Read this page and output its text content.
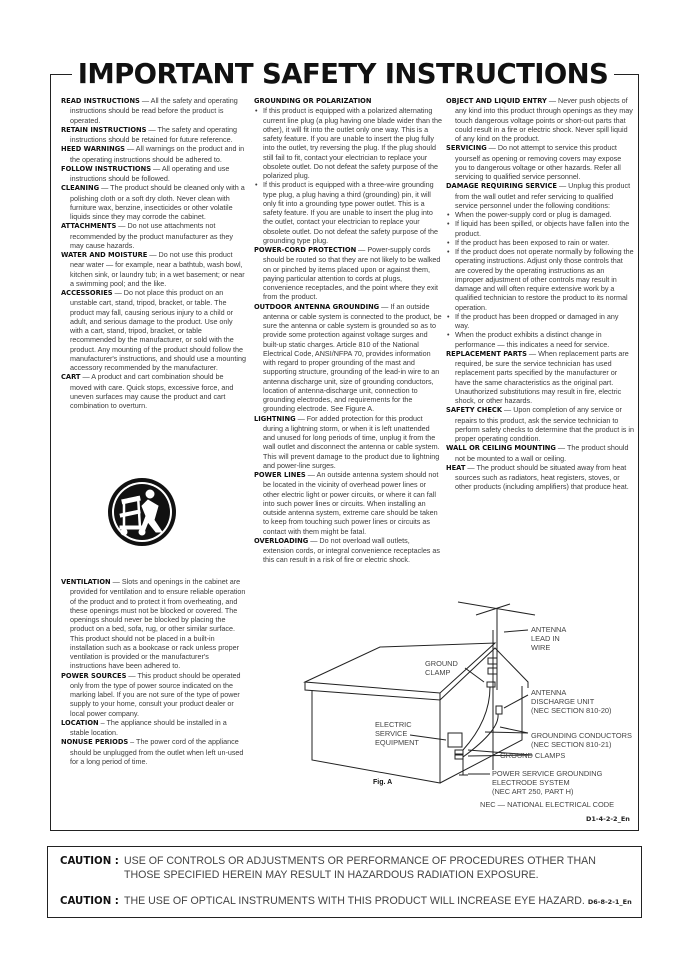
IMPORTANT SAFETY INSTRUCTIONS
READ INSTRUCTIONS — All the safety and operating instructions should be read before the product is operated.
RETAIN INSTRUCTIONS — The safety and operating instructions should be retained for future reference.
HEED WARNINGS — All warnings on the product and in the operating instructions should be adhered to.
FOLLOW INSTRUCTIONS — All operating and use instructions should be followed.
CLEANING — The product should be cleaned only with a polishing cloth or a soft dry cloth. Never clean with furniture wax, benzine, insecticides or other volatile liquids since they may corrode the cabinet.
ATTACHMENTS — Do not use attachments not recommended by the product manufacturer as they may cause hazards.
WATER AND MOISTURE — Do not use this product near water — for example, near a bathtub, wash bowl, kitchen sink, or laundry tub; in a wet basement; or near a swimming pool; and the like.
ACCESSORIES — Do not place this product on an unstable cart, stand, tripod, bracket, or table. The product may fall, causing serious injury to a child or adult, and serious damage to the product. Use only with a cart, stand, tripod, bracket, or table recommended by the manufacturer, or sold with the product. Any mounting of the product should follow the manufacturer's instructions, and should use a mounting accessory recommended by the manufacturer.
CART — A product and cart combination should be moved with care. Quick stops, excessive force, and uneven surfaces may cause the product and cart combination to overturn.
VENTILATION — Slots and openings in the cabinet are provided for ventilation and to ensure reliable operation of the product and to protect it from overheating, and these openings must not be blocked or covered. The openings should never be blocked by placing the product on a bed, sofa, rug, or other similar surface. This product should not be placed in a built-in installation such as a bookcase or rack unless proper ventilation is provided or the manufacturer's instructions have been adhered to.
POWER SOURCES — This product should be operated only from the type of power source indicated on the marking label. If you are not sure of the type of power supply to your home, consult your product dealer or local power company.
LOCATION – The appliance should be installed in a stable location.
NONUSE PERIODS – The power cord of the appliance should be unplugged from the outlet when left un-used for a long period of time.
GROUNDING OR POLARIZATION
• If this product is equipped with a polarized alternating current line plug (a plug having one blade wider than the other), it will fit into the outlet only one way. This is a safety feature. If you are unable to insert the plug fully into the outlet, try reversing the plug. If the plug should still fail to fit, contact your electrician to replace your obsolete outlet. Do not defeat the safety purpose of the polarized plug.
• If this product is equipped with a three-wire grounding type plug, a plug having a third (grounding) pin, it will only fit into a grounding type power outlet. This is a safety feature. If you are unable to insert the plug into the outlet, contact your electrician to replace your obsolete outlet. Do not defeat the safety purpose of the grounding type plug.
POWER-CORD PROTECTION — Power-supply cords should be routed so that they are not likely to be walked on or pinched by items placed upon or against them, paying particular attention to cords at plugs, convenience receptacles, and the point where they exit from the product.
OUTDOOR ANTENNA GROUNDING — If an outside antenna or cable system is connected to the product, be sure the antenna or cable system is grounded so as to provide some protection against voltage surges and built-up static charges. Article 810 of the National Electrical Code, ANSI/NFPA 70, provides information with regard to proper grounding of the mast and supporting structure, grounding of the lead-in wire to an antenna discharge unit, size of grounding conductors, location of antenna-discharge unit, connection to grounding electrodes, and requirements for the grounding electrode. See Figure A.
LIGHTNING — For added protection for this product during a lightning storm, or when it is left unattended and unused for long periods of time, unplug it from the wall outlet and disconnect the antenna or cable system. This will prevent damage to the product due to lightning and power-line surges.
POWER LINES — An outside antenna system should not be located in the vicinity of overhead power lines or other electric light or power circuits, or where it can fall into such power lines or circuits. When installing an outside antenna system, extreme care should be taken to keep from touching such power lines or circuits as contact with them might be fatal.
OVERLOADING — Do not overload wall outlets, extension cords, or integral convenience receptacles as this can result in a risk of fire or electric shock.
OBJECT AND LIQUID ENTRY — Never push objects of any kind into this product through openings as they may touch dangerous voltage points or short-out parts that could result in a fire or electric shock. Never spill liquid of any kind on the product.
SERVICING — Do not attempt to service this product yourself as opening or removing covers may expose you to dangerous voltage or other hazards. Refer all servicing to qualified service personnel.
DAMAGE REQUIRING SERVICE — Unplug this product from the wall outlet and refer servicing to qualified service personnel under the following conditions:
• When the power-supply cord or plug is damaged.
• If liquid has been spilled, or objects have fallen into the product.
• If the product has been exposed to rain or water.
• If the product does not operate normally by following the operating instructions. Adjust only those controls that are covered by the operating instructions as an improper adjustment of other controls may result in damage and will often require extensive work by a qualified technician to restore the product to its normal operation.
• If the product has been dropped or damaged in any way.
• When the product exhibits a distinct change in performance — this indicates a need for service.
REPLACEMENT PARTS — When replacement parts are required, be sure the service technician has used replacement parts specified by the manufacturer or have the same characteristics as the original part. Unauthorized substitutions may result in fire, electric shock, or other hazards.
SAFETY CHECK — Upon completion of any service or repairs to this product, ask the service technician to perform safety checks to determine that the product is in proper operating condition.
WALL OR CEILING MOUNTING — The product should not be mounted to a wall or ceiling.
HEAT — The product should be situated away from heat sources such as radiators, heat registers, stoves, or other products (including amplifiers) that produce heat.
ANTENNA
LEAD IN
WIRE
GROUND
CLAMP
ANTENNA
DISCHARGE UNIT
(NEC SECTION 810-20)
ELECTRIC
SERVICE
EQUIPMENT
GROUNDING CONDUCTORS
(NEC SECTION 810-21)
GROUND CLAMPS
POWER SERVICE GROUNDING
ELECTRODE SYSTEM
(NEC ART 250, PART H)
NEC — NATIONAL ELECTRICAL CODE
Fig. A
D1-4-2-2_En
CAUTION : USE OF CONTROLS OR ADJUSTMENTS OR PERFORMANCE OF PROCEDURES OTHER THAN THOSE SPECIFIED HEREIN MAY RESULT IN HAZARDOUS RADIATION EXPOSURE.
CAUTION : THE USE OF OPTICAL INSTRUMENTS WITH THIS PRODUCT WILL INCREASE EYE HAZARD. D6-8-2-1_En
